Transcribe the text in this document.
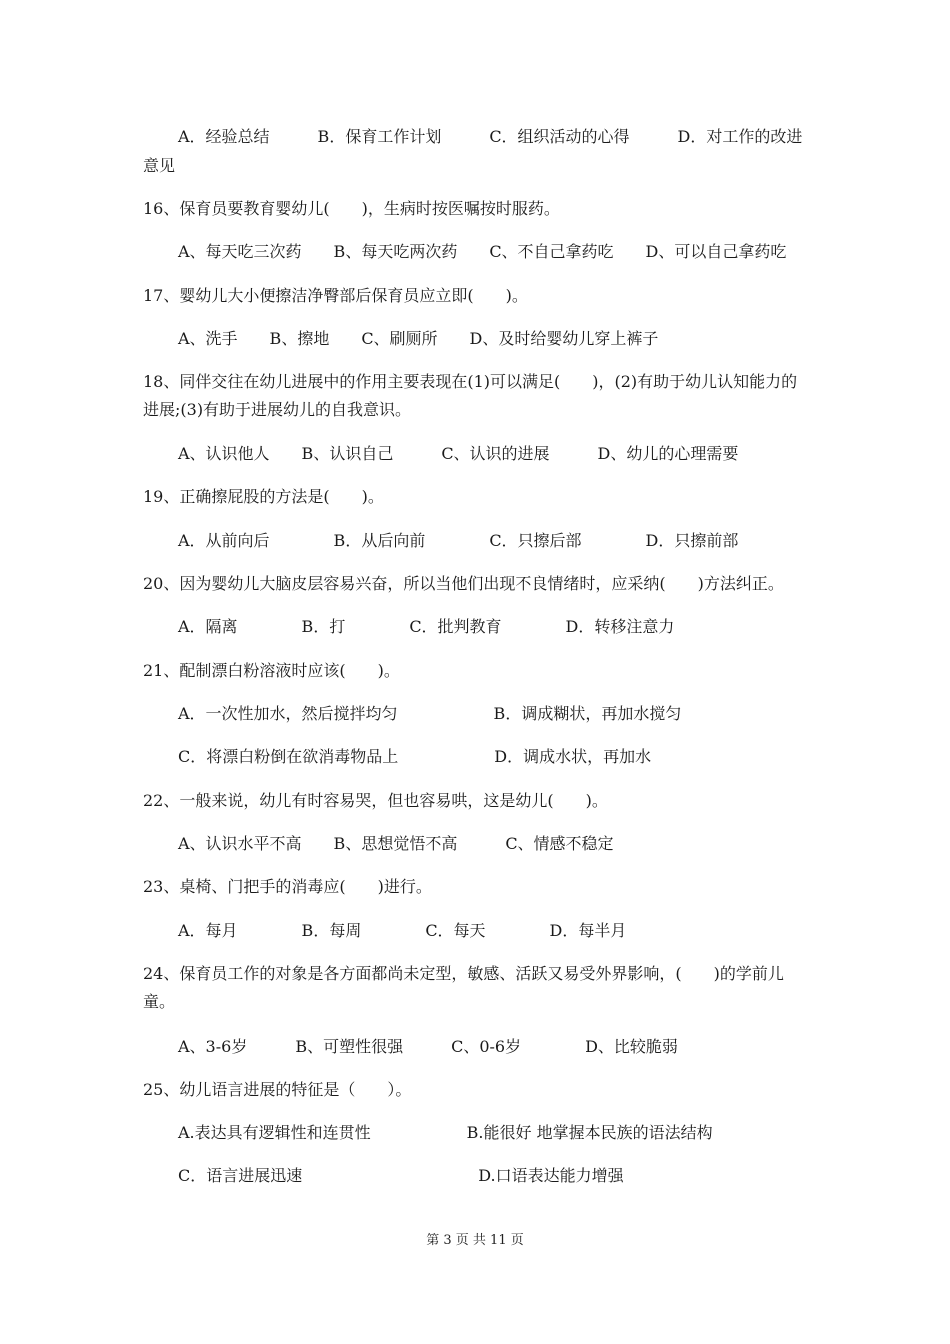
A．经验总结　　　B．保育工作计划　　　C．组织活动的心得　　　D．对工作的改进
意见
16、保育员要教育婴幼儿(　　)，生病时按医嘱按时服药。
A、每天吃三次药　　B、每天吃两次药　　C、不自己拿药吃　　D、可以自己拿药吃
17、婴幼儿大小便擦洁净臀部后保育员应立即(　　)。
A、洗手　　B、擦地　　C、刷厕所　　D、及时给婴幼儿穿上裤子
18、同伴交往在幼儿进展中的作用主要表现在(1)可以满足(　　)，(2)有助于幼儿认知能力的进展;(3)有助于进展幼儿的自我意识。
A、认识他人　　B、认识自己　　　C、认识的进展　　　D、幼儿的心理需要
19、正确擦屁股的方法是(　　)。
A．从前向后　　　　B．从后向前　　　　C．只擦后部　　　　D．只擦前部
20、因为婴幼儿大脑皮层容易兴奋，所以当他们出现不良情绪时，应采纳(　　)方法纠正。
A．隔离　　　　B．打　　　　C．批判教育　　　　D．转移注意力
21、配制漂白粉溶液时应该(　　)。
A．一次性加水，然后搅拌均匀　　　　　　B．调成糊状，再加水搅匀
C．将漂白粉倒在欲消毒物品上　　　　　　D．调成水状，再加水
22、一般来说，幼儿有时容易哭，但也容易哄，这是幼儿(　　)。
A、认识水平不高　　B、思想觉悟不高　　　C、情感不稳定
23、桌椅、门把手的消毒应(　　)进行。
A．每月　　　　B．每周　　　　C．每天　　　　D．每半月
24、保育员工作的对象是各方面都尚未定型，敏感、活跃又易受外界影响，(　　)的学前儿童。
A、3-6岁　　　B、可塑性很强　　　C、0-6岁　　　　D、比较脆弱
25、幼儿语言进展的特征是（　　）。
A.表达具有逻辑性和连贯性　　　　　　B.能很好 地掌握本民族的语法结构
C．语言进展迅速　　　　　　　　　　　D.口语表达能力增强
第 3 页 共 11 页
